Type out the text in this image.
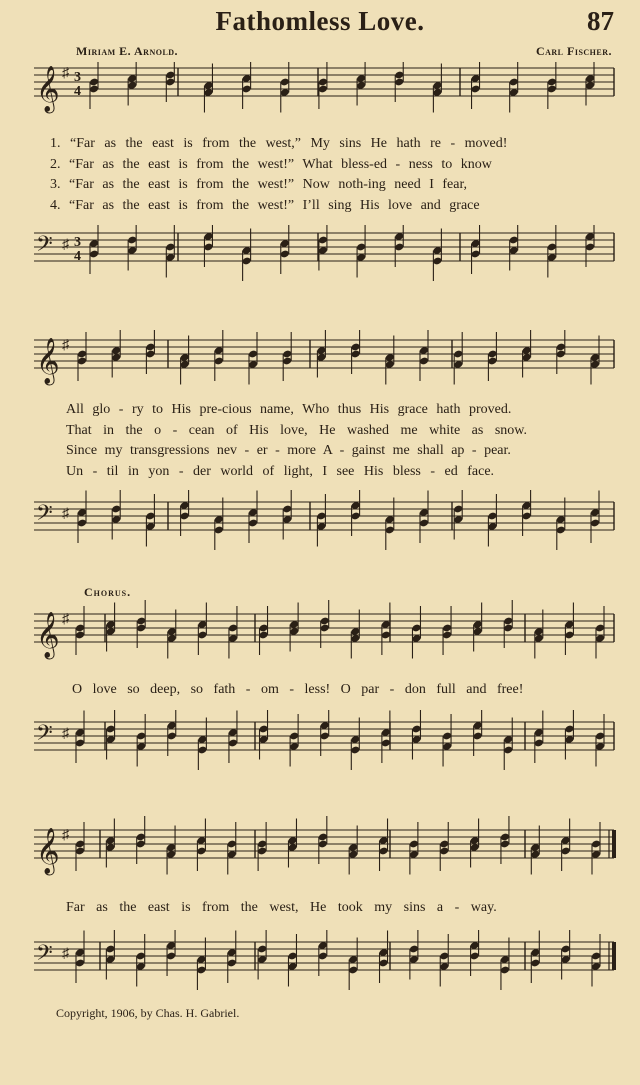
Fathomless Love.	87
Miriam E. Arnold.	Carl Fischer.
𝄞 ♯ 3
4
1. “Far as the east is from the west,” My sins He hath re - moved!
2. “Far as the east is from the west!” What bless-ed - ness to know
3. “Far as the east is from the west!” Now noth-ing need I fear,
4. “Far as the east is from the west!” I’ll sing His love and grace
𝄢 ♯ 3
4
𝄞 ♯
All glo - ry to His pre-cious name, Who thus His grace hath proved.
That in the o - cean of His love, He washed me white as snow.
Since my transgressions nev - er - more A - gainst me shall ap - pear.
Un - til in yon - der world of light, I see His bless - ed face.
𝄢 ♯
Chorus.
𝄞 ♯
O love so deep, so fath - om - less! O par - don full and free!
𝄢 ♯
𝄞 ♯
Far as the east is from the west, He took my sins a - way.
𝄢 ♯
Copyright, 1906, by Chas. H. Gabriel.
